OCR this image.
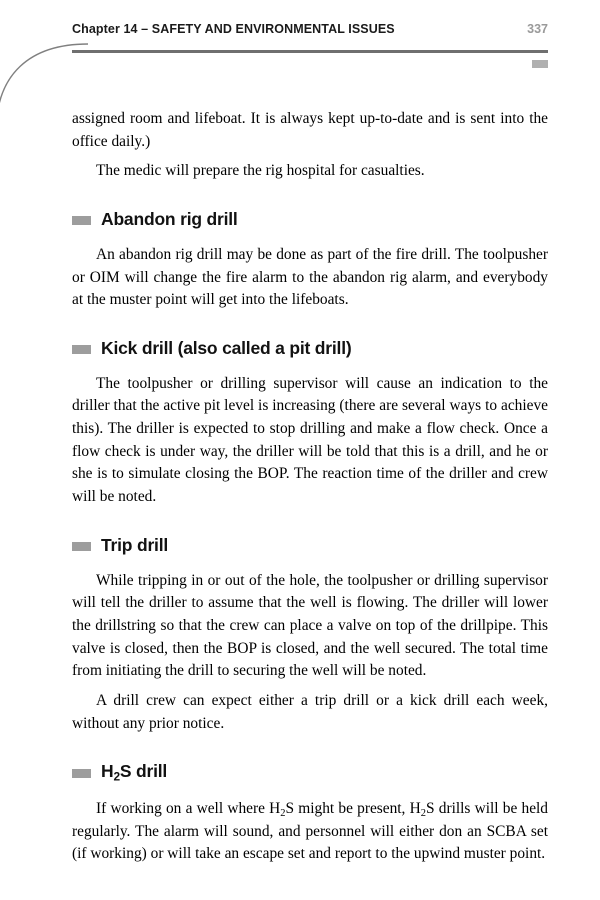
Chapter 14 – SAFETY AND ENVIRONMENTAL ISSUES	337

assigned room and lifeboat. It is always kept up-to-date and is sent into the office daily.)

The medic will prepare the rig hospital for casualties.

Abandon rig drill

An abandon rig drill may be done as part of the fire drill. The toolpusher or OIM will change the fire alarm to the abandon rig alarm, and everybody at the muster point will get into the lifeboats.

Kick drill (also called a pit drill)

The toolpusher or drilling supervisor will cause an indication to the driller that the active pit level is increasing (there are several ways to achieve this). The driller is expected to stop drilling and make a flow check. Once a flow check is under way, the driller will be told that this is a drill, and he or she is to simulate closing the BOP. The reaction time of the driller and crew will be noted.

Trip drill

While tripping in or out of the hole, the toolpusher or drilling supervisor will tell the driller to assume that the well is flowing. The driller will lower the drillstring so that the crew can place a valve on top of the drillpipe. This valve is closed, then the BOP is closed, and the well secured. The total time from initiating the drill to securing the well will be noted.

A drill crew can expect either a trip drill or a kick drill each week, without any prior notice.

$H_2S$ drill

If working on a well where $H_2S$ might be present, $H_2S$ drills will be held regularly. The alarm will sound, and personnel will either don an SCBA set (if working) or will take an escape set and report to the upwind muster point.
